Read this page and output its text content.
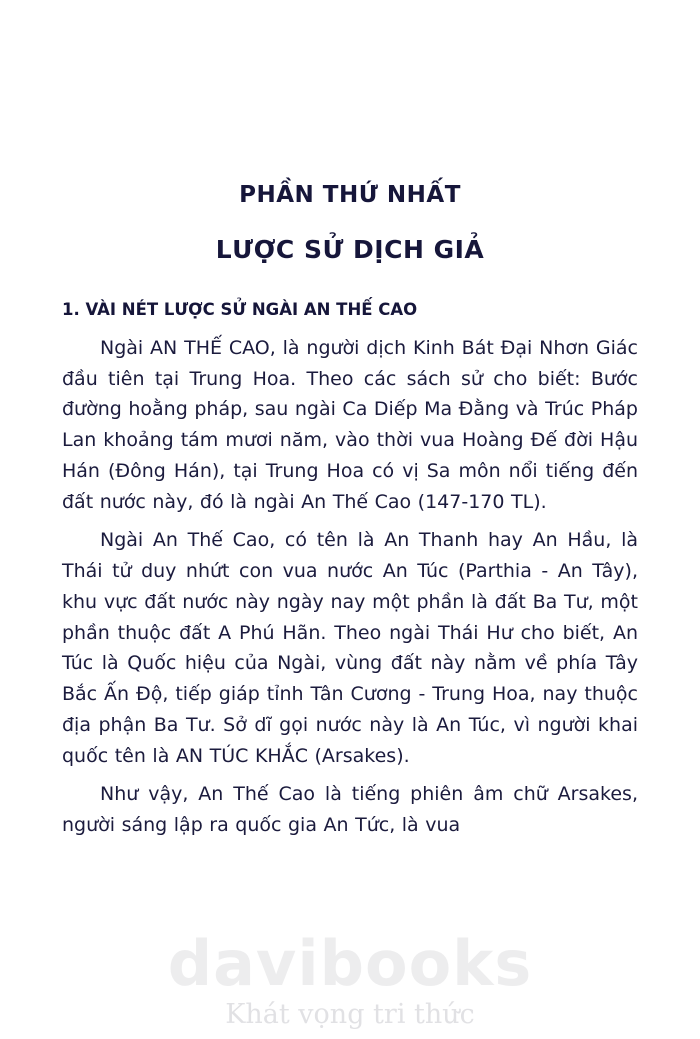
PHẦN THỨ NHẤT
LƯỢC SỬ DỊCH GIẢ
1. VÀI NÉT LƯỢC SỬ NGÀI AN THẾ CAO

Ngài AN THẾ CAO, là người dịch Kinh Bát Đại Nhơn Giác đầu tiên tại Trung Hoa. Theo các sách sử cho biết: Bước đường hoằng pháp, sau ngài Ca Diếp Ma Đằng và Trúc Pháp Lan khoảng tám mươi năm, vào thời vua Hoàng Đế đời Hậu Hán (Đông Hán), tại Trung Hoa có vị Sa môn nổi tiếng đến đất nước này, đó là ngài An Thế Cao (147-170 TL).

Ngài An Thế Cao, có tên là An Thanh hay An Hầu, là Thái tử duy nhứt con vua nước An Túc (Parthia - An Tây), khu vực đất nước này ngày nay một phần là đất Ba Tư, một phần thuộc đất A Phú Hãn. Theo ngài Thái Hư cho biết, An Túc là Quốc hiệu của Ngài, vùng đất này nằm về phía Tây Bắc Ấn Độ, tiếp giáp tỉnh Tân Cương - Trung Hoa, nay thuộc địa phận Ba Tư. Sở dĩ gọi nước này là An Túc, vì người khai quốc tên là AN TÚC KHẮC (Arsakes).

Như vậy, An Thế Cao là tiếng phiên âm chữ Arsakes, người sáng lập ra quốc gia An Tức, là vua

davibooks
Khát vọng tri thức
